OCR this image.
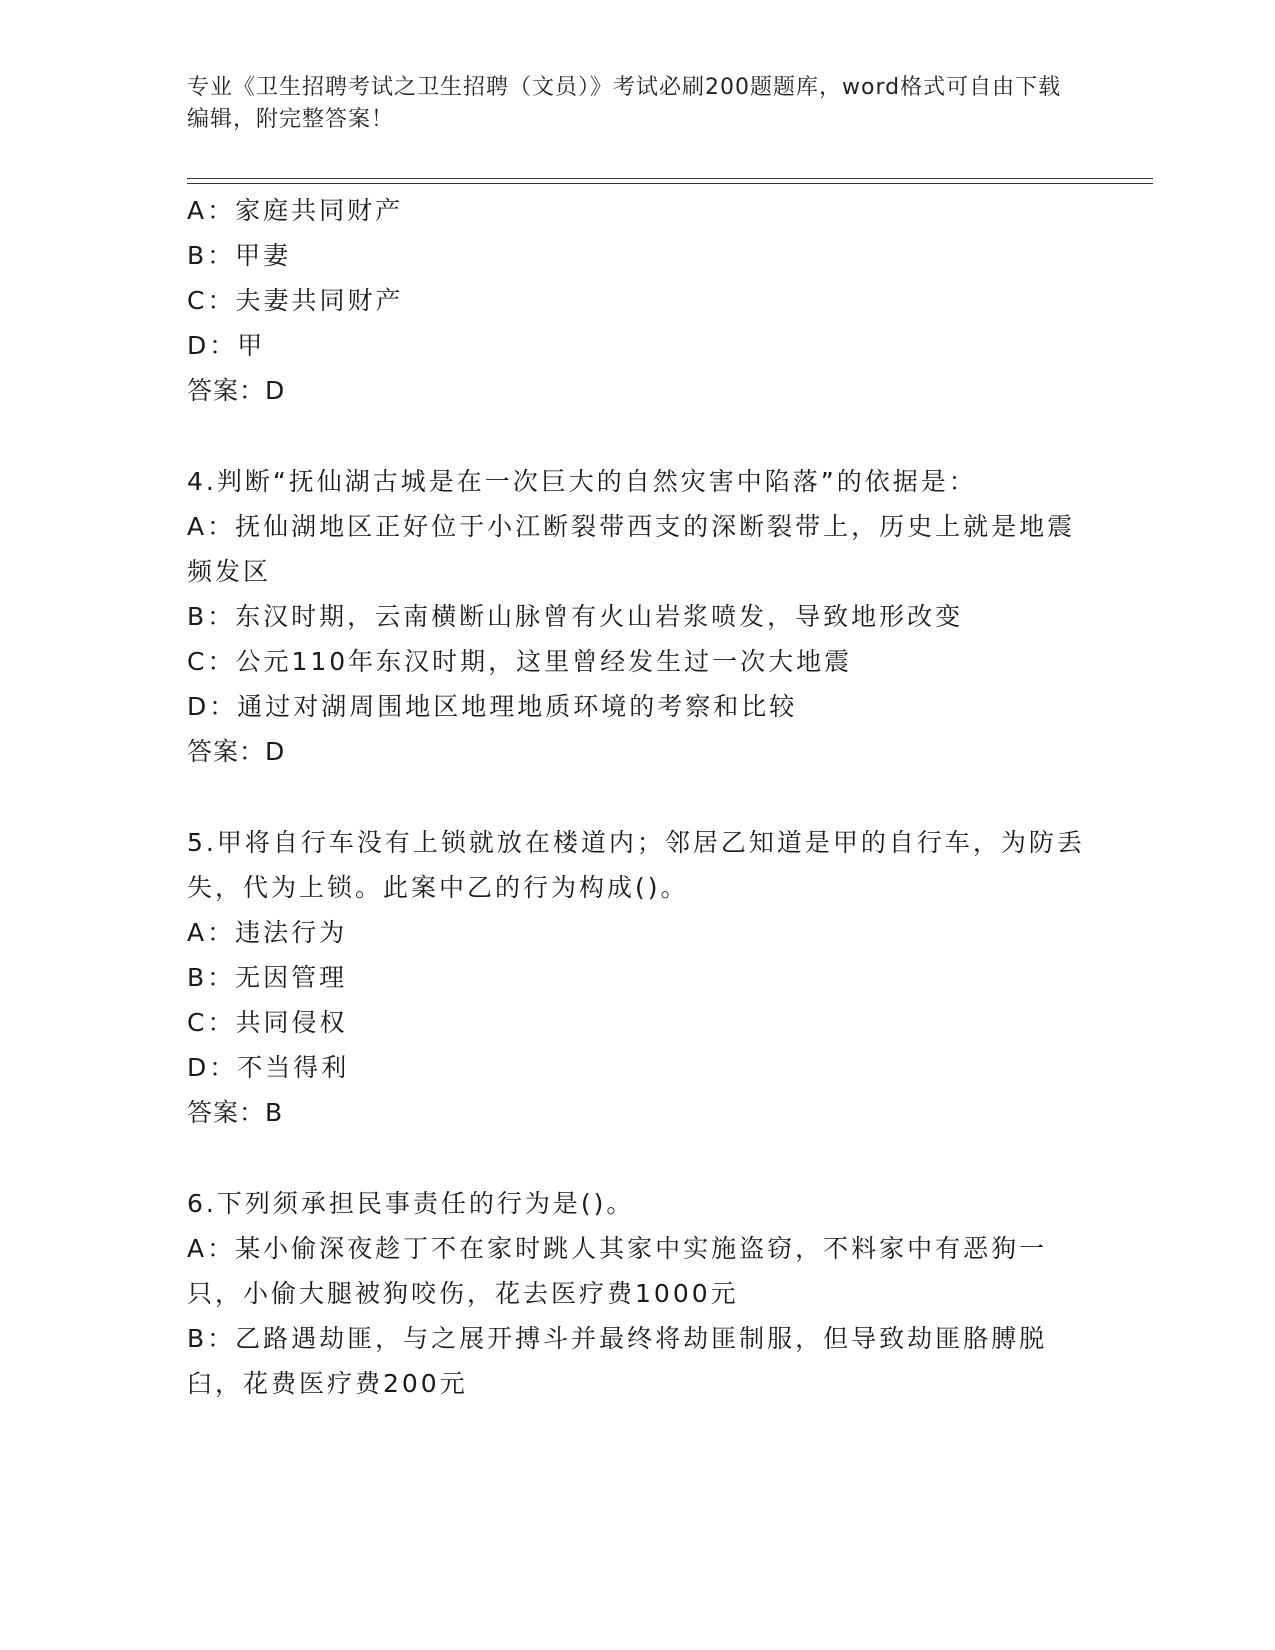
专业《卫生招聘考试之卫生招聘（文员）》考试必刷200题题库，word格式可自由下载编辑，附完整答案！

A：家庭共同财产

B：甲妻

C：夫妻共同财产

D：甲

答案：D

4.判断“抚仙湖古城是在一次巨大的自然灾害中陷落”的依据是：

A：抚仙湖地区正好位于小江断裂带西支的深断裂带上，历史上就是地震频发区

B：东汉时期，云南横断山脉曾有火山岩浆喷发，导致地形改变

C：公元110年东汉时期，这里曾经发生过一次大地震

D：通过对湖周围地区地理地质环境的考察和比较

答案：D

5.甲将自行车没有上锁就放在楼道内；邻居乙知道是甲的自行车，为防丢失，代为上锁。此案中乙的行为构成()。

A：违法行为

B：无因管理

C：共同侵权

D：不当得利

答案：B

6.下列须承担民事责任的行为是()。

A：某小偷深夜趁丁不在家时跳人其家中实施盗窃，不料家中有恶狗一只，小偷大腿被狗咬伤，花去医疗费1000元

B：乙路遇劫匪，与之展开搏斗并最终将劫匪制服，但导致劫匪胳膊脱臼，花费医疗费200元
